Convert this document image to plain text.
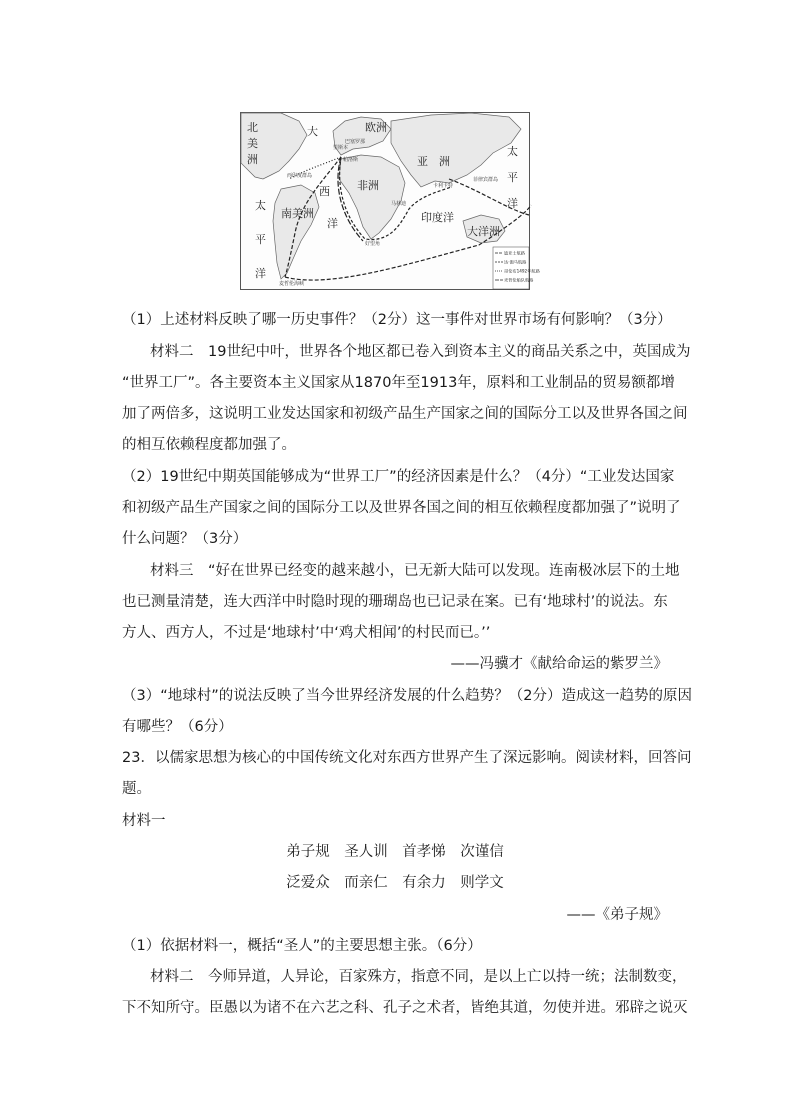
北
美
洲
大	欧洲
亚　洲
非洲
西
南美洲
太
平
洋
洋	印度洋
大洋洲
太
平
洋
里斯本
巴塞罗那
帕洛斯
西印度群岛
好望角
马林迪
卡利卡特
菲律宾群岛
麦哲伦海峡
迪亚士航路
达·伽马航路
哥伦布1492年航路
麦哲伦船队航路
（1）上述材料反映了哪一历史事件？（2分）这一事件对世界市场有何影响？（3分）
材料二　19世纪中叶，世界各个地区都已卷入到资本主义的商品关系之中，英国成为
“世界工厂”。各主要资本主义国家从1870年至1913年，原料和工业制品的贸易额都增
加了两倍多，这说明工业发达国家和初级产品生产国家之间的国际分工以及世界各国之间
的相互依赖程度都加强了。
（2）19世纪中期英国能够成为“世界工厂”的经济因素是什么？（4分）“工业发达国家
和初级产品生产国家之间的国际分工以及世界各国之间的相互依赖程度都加强了”说明了
什么问题？（3分）
材料三　“好在世界已经变的越来越小，已无新大陆可以发现。连南极冰层下的土地
也已测量清楚，连大西洋中时隐时现的珊瑚岛也已记录在案。已有‘地球村’的说法。东
方人、西方人，不过是‘地球村’中‘鸡犬相闻’的村民而已。’’
——冯骥才《献给命运的紫罗兰》
（3）“地球村”的说法反映了当今世界经济发展的什么趋势？（2分）造成这一趋势的原因
有哪些？（6分）
23．以儒家思想为核心的中国传统文化对东西方世界产生了深远影响。阅读材料，回答问
题。
材料一
弟子规　圣人训　首孝悌　次谨信
泛爱众　而亲仁　有余力　则学文
——《弟子规》
（1）依据材料一，概括“圣人”的主要思想主张。（6分）
材料二　今师异道，人异论，百家殊方，指意不同，是以上亡以持一统；法制数变，
下不知所守。臣愚以为诸不在六艺之科、孔子之术者，皆绝其道，勿使并进。邪辟之说灭
